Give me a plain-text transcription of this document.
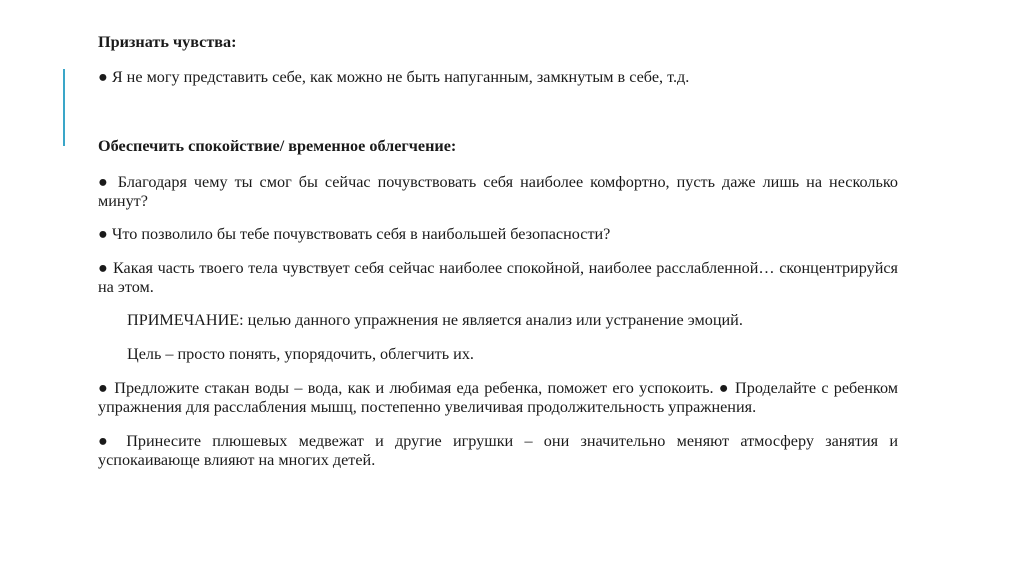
Признать чувства:

● Я не могу представить себе, как можно не быть напуганным, замкнутым в себе, т.д.

Обеспечить спокойствие/ временное облегчение:

● Благодаря чему ты смог бы сейчас почувствовать себя наиболее комфортно, пусть даже лишь на несколько минут?

● Что позволило бы тебе почувствовать себя в наибольшей безопасности?

● Какая часть твоего тела чувствует себя сейчас наиболее спокойной, наиболее расслабленной… сконцентрируйся на этом.

ПРИМЕЧАНИЕ: целью данного упражнения не является анализ или устранение эмоций.

Цель – просто понять, упорядочить, облегчить их.

● Предложите стакан воды – вода, как и любимая еда ребенка, поможет его успокоить. ● Проделайте с ребенком упражнения для расслабления мышц, постепенно увеличивая продолжительность упражнения.

● Принесите плюшевых медвежат и другие игрушки – они значительно меняют атмосферу занятия и успокаивающе влияют на многих детей.
